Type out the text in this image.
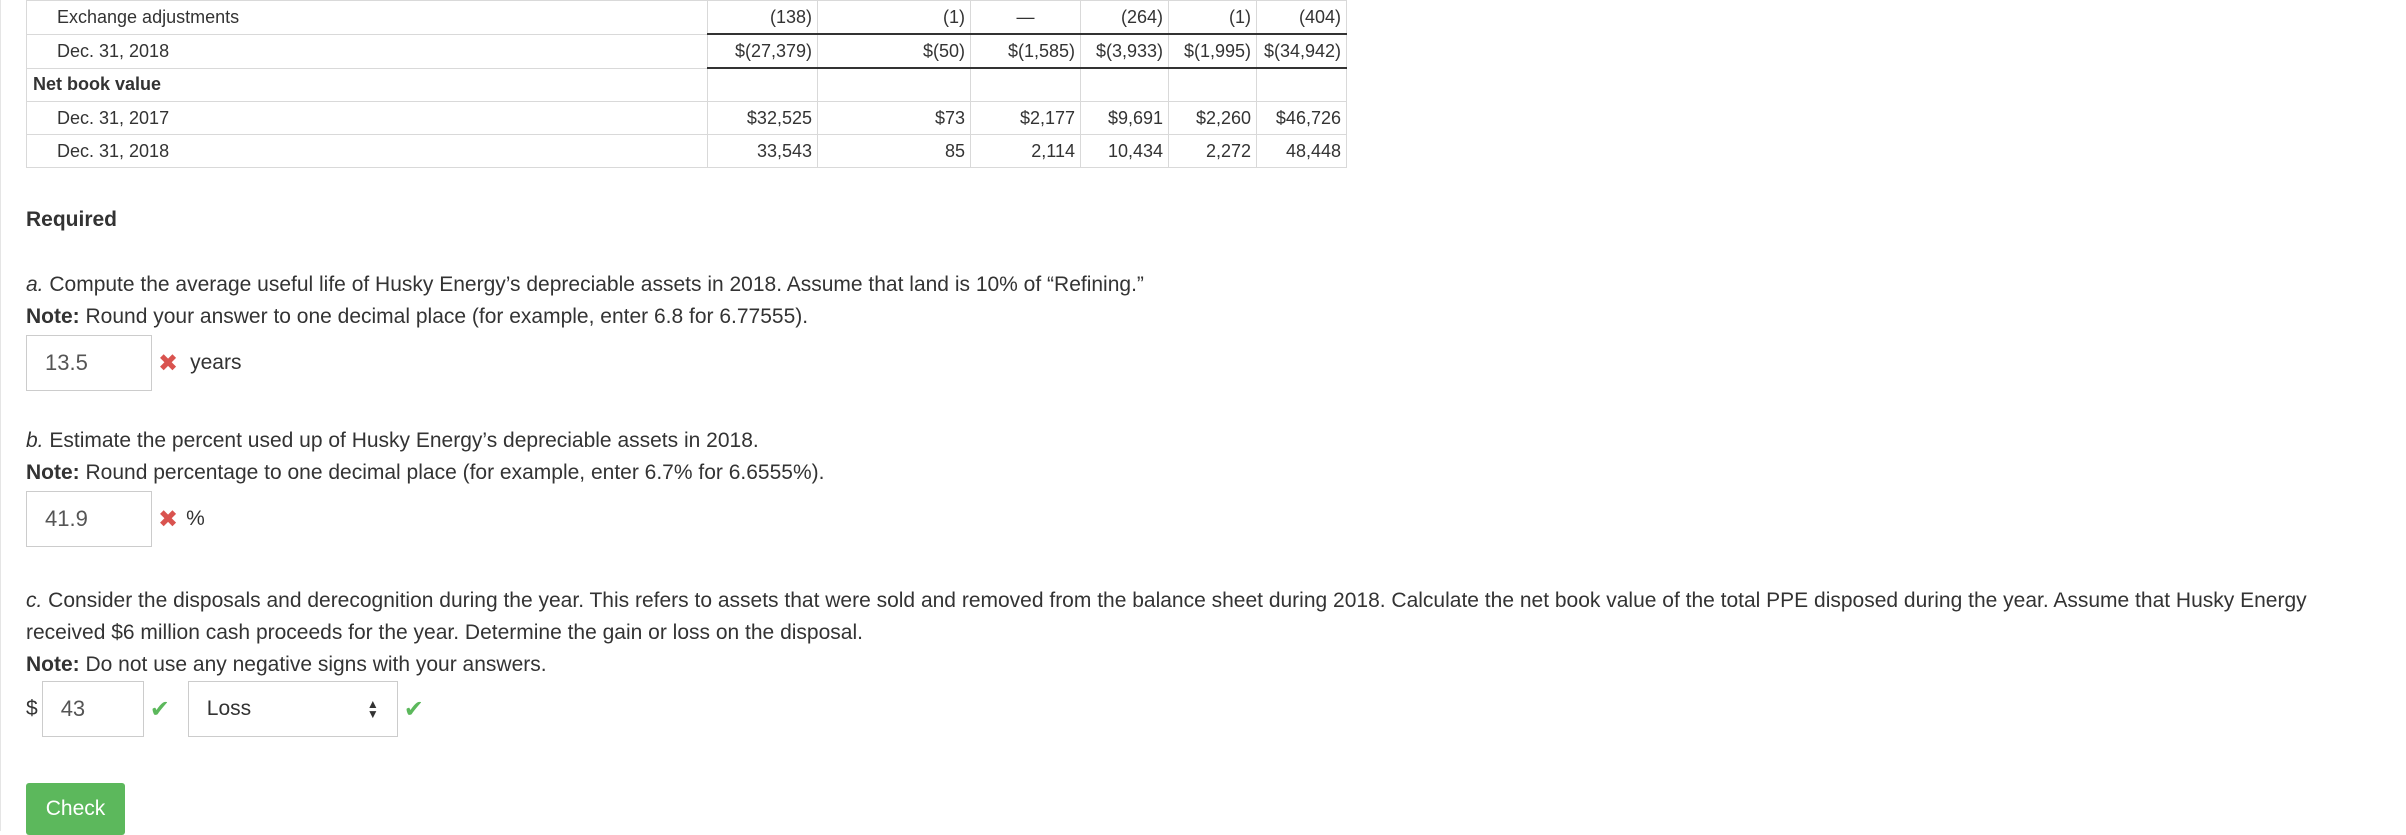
Exchange adjustments	(138)	(1)	—	(264)	(1)	(404)
Dec. 31, 2018	$(27,379)	$(50)	$(1,585)	$(3,933)	$(1,995)	$(34,942)
Net book value						
Dec. 31, 2017	$32,525	$73	$2,177	$9,691	$2,260	$46,726
Dec. 31, 2018	33,543	85	2,114	10,434	2,272	48,448
Required
a. Compute the average useful life of Husky Energy’s depreciable assets in 2018. Assume that land is 10% of “Refining.”
Note: Round your answer to one decimal place (for example, enter 6.8 for 6.77555).
13.5
✖ years
b. Estimate the percent used up of Husky Energy’s depreciable assets in 2018.
Note: Round percentage to one decimal place (for example, enter 6.7% for 6.6555%).
41.9
✖ %
c. Consider the disposals and derecognition during the year. This refers to assets that were sold and removed from the balance sheet during 2018. Calculate the net book value of the total PPE disposed during the year. Assume that Husky Energy received $6 million cash proceeds for the year. Determine the gain or loss on the disposal.
Note: Do not use any negative signs with your answers.
$
43	✔ Loss	▲
▼ ✔
Check
